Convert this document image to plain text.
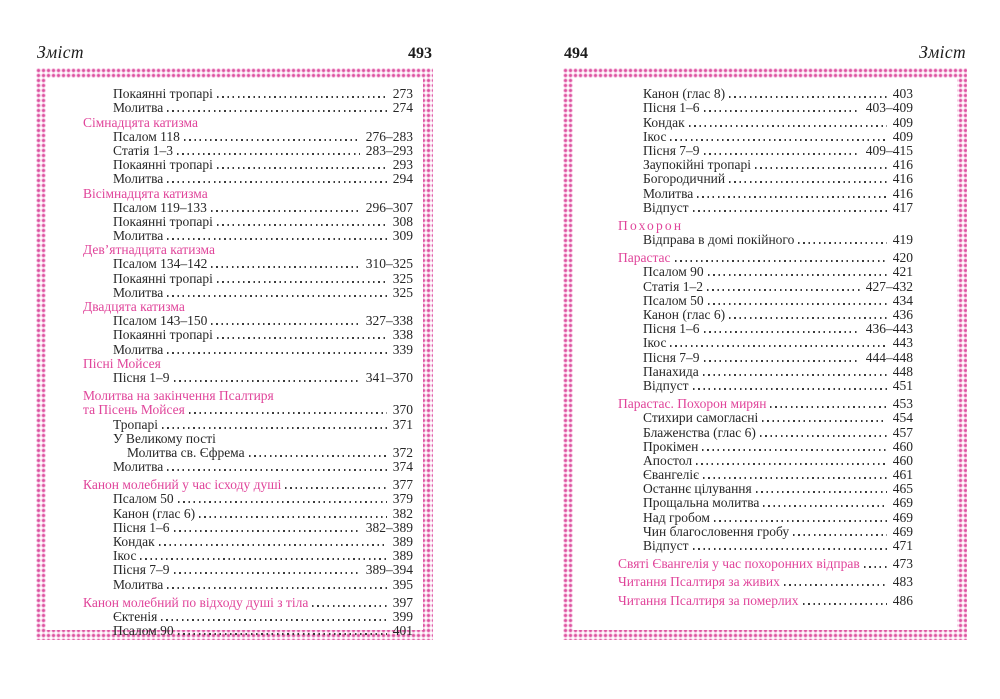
Зміст	493
Покаянні тропарі	273
Молитва	274
Сімнадцята катизма
Псалом 118	276–283
Статія 1–3	283–293
Покаянні тропарі	293
Молитва	294
Вісімнадцята катизма
Псалом 119–133	296–307
Покаянні тропарі	308
Молитва	309
Дев’ятнадцята катизма
Псалом 134–142	310–325
Покаянні тропарі	325
Молитва	325
Двадцята катизма
Псалом 143–150	327–338
Покаянні тропарі	338
Молитва	339
Пісні Мойсея
Пісня 1–9	341–370
Молитва на закінчення Псалтиря
та Пісень Мойсея	370
Тропарі	371
У Великому пості
Молитва св. Єфрема	372
Молитва	374
Канон молебний у час ісходу душі	377
Псалом 50	379
Канон (глас 6)	382
Пісня 1–6	382–389
Кондак	389
Ікос	389
Пісня 7–9	389–394
Молитва	395
Канон молебний по відходу душі з тіла	397
Єктенія	399
Псалом 90	401
494	Зміст
Канон (глас 8)	403
Пісня 1–6	403–409
Кондак	409
Ікос	409
Пісня 7–9	409–415
Заупокійні тропарі	416
Богородичний	416
Молитва	416
Відпуст	417
Похорон
Відправа в домі покійного	419
Парастас	420
Псалом 90	421
Статія 1–2	427–432
Псалом 50	434
Канон (глас 6)	436
Пісня 1–6	436–443
Ікос	443
Пісня 7–9	444–448
Панахида	448
Відпуст	451
Парастас. Похорон мирян	453
Стихири самогласні	454
Блаженства (глас 6)	457
Прокімен	460
Апостол	460
Євангеліє	461
Останнє цілування	465
Прощальна молитва	469
Над гробом	469
Чин благословення гробу	469
Відпуст	471
Святі Євангелія у час похоронних відправ 473
Читання Псалтиря за живих	483
Читання Псалтиря за померлих	486
